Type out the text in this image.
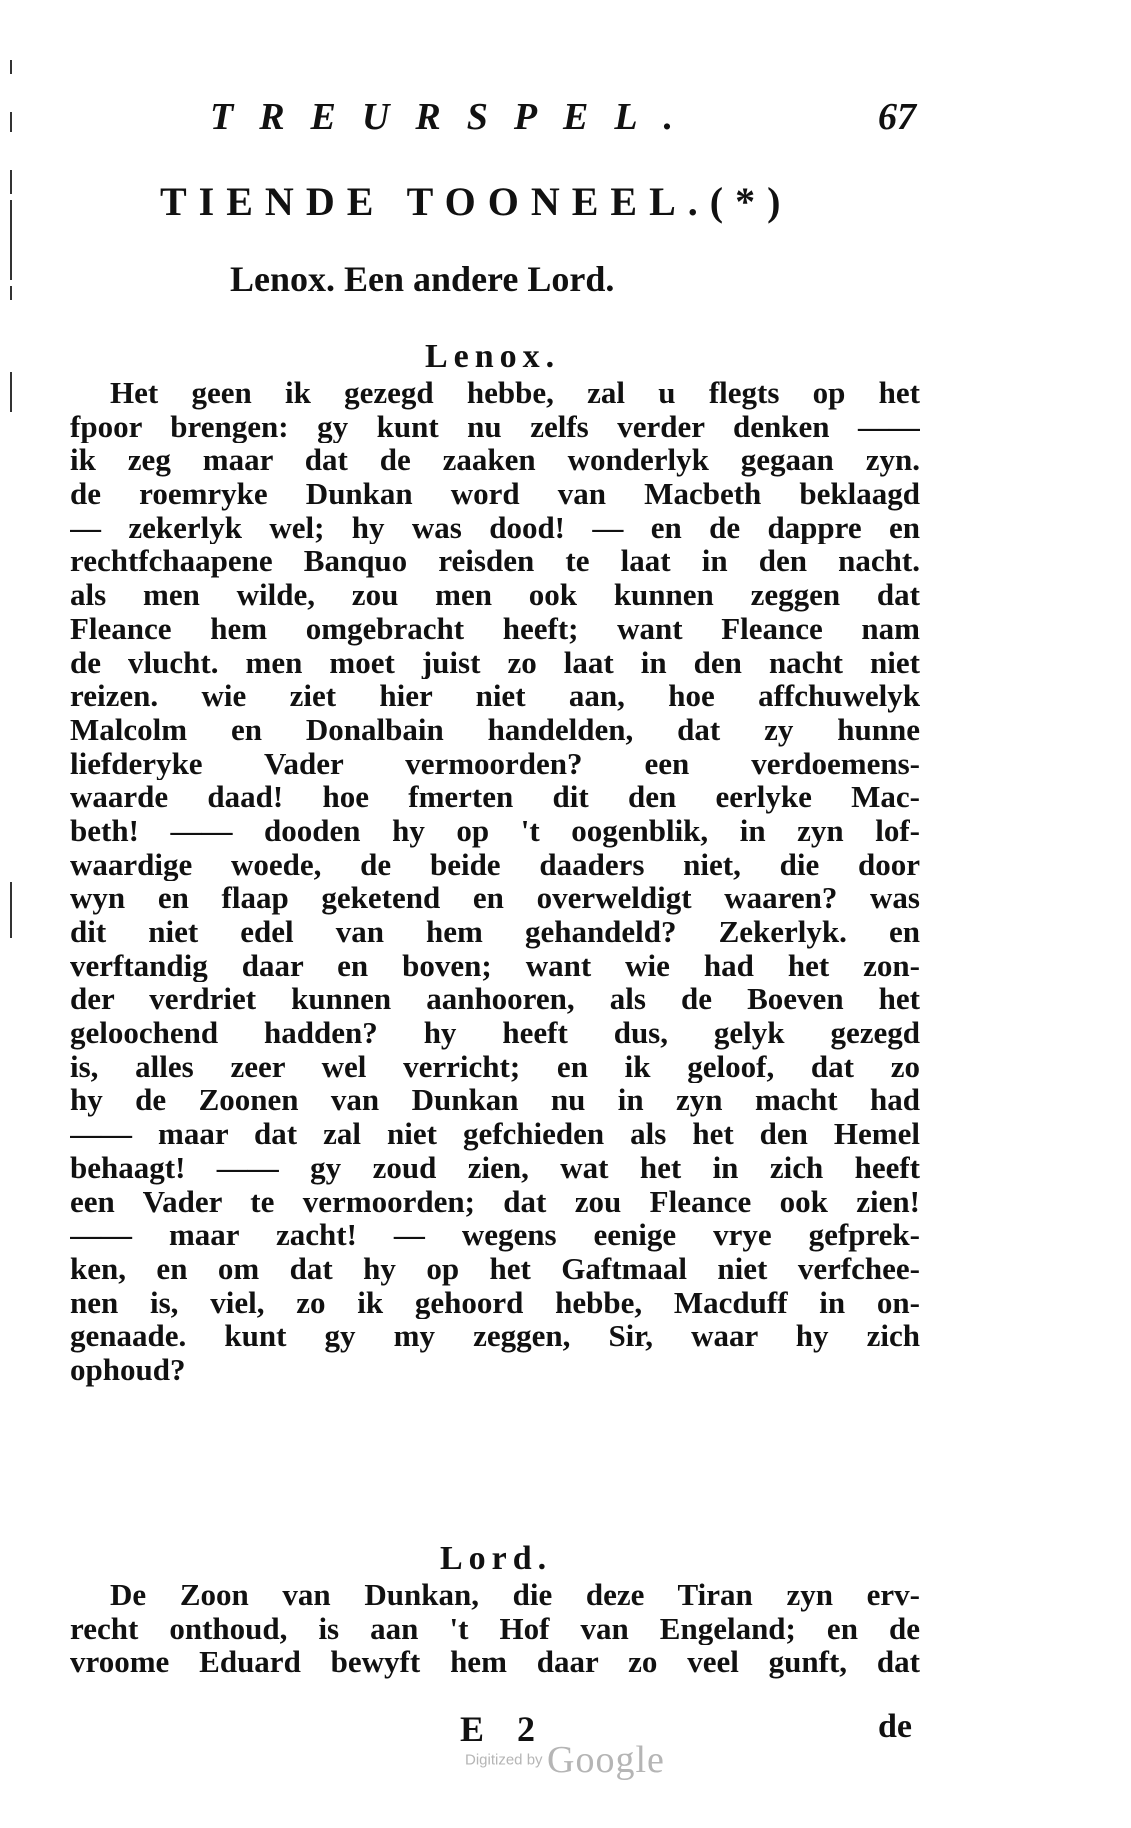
TREURSPEL.	67
TIENDE TOONEEL.(*)
Lenox. Een andere Lord.
Lenox.
Het geen ik gezegd hebbe, zal u flegts op het
fpoor brengen: gy kunt nu zelfs verder denken ——
ik zeg maar dat de zaaken wonderlyk gegaan zyn.
de roemryke Dunkan word van Macbeth beklaagd
— zekerlyk wel; hy was dood! — en de dappre en
rechtfchaapene Banquo reisden te laat in den nacht.
als men wilde, zou men ook kunnen zeggen dat
Fleance hem omgebracht heeft; want Fleance nam
de vlucht. men moet juist zo laat in den nacht niet
reizen. wie ziet hier niet aan, hoe affchuwelyk
Malcolm en Donalbain handelden, dat zy hunne
liefderyke Vader vermoorden? een verdoemens-
waarde daad! hoe fmerten dit den eerlyke Mac-
beth! —— dooden hy op 't oogenblik, in zyn lof-
waardige woede, de beide daaders niet, die door
wyn en flaap geketend en overweldigt waaren? was
dit niet edel van hem gehandeld? Zekerlyk. en
verftandig daar en boven; want wie had het zon-
der verdriet kunnen aanhooren, als de Boeven het
geloochend hadden? hy heeft dus, gelyk gezegd
is, alles zeer wel verricht; en ik geloof, dat zo
hy de Zoonen van Dunkan nu in zyn macht had
—— maar dat zal niet gefchieden als het den Hemel
behaagt! —— gy zoud zien, wat het in zich heeft
een Vader te vermoorden; dat zou Fleance ook zien!
—— maar zacht! — wegens eenige vrye gefprek-
ken, en om dat hy op het Gaftmaal niet verfchee-
nen is, viel, zo ik gehoord hebbe, Macduff in on-
genaade. kunt gy my zeggen, Sir, waar hy zich
ophoud?
Lord.
De Zoon van Dunkan, die deze Tiran zyn erv-
recht onthoud, is aan 't Hof van Engeland; en de
vroome Eduard bewyft hem daar zo veel gunft, dat
E 2	de
Digitized by Google
